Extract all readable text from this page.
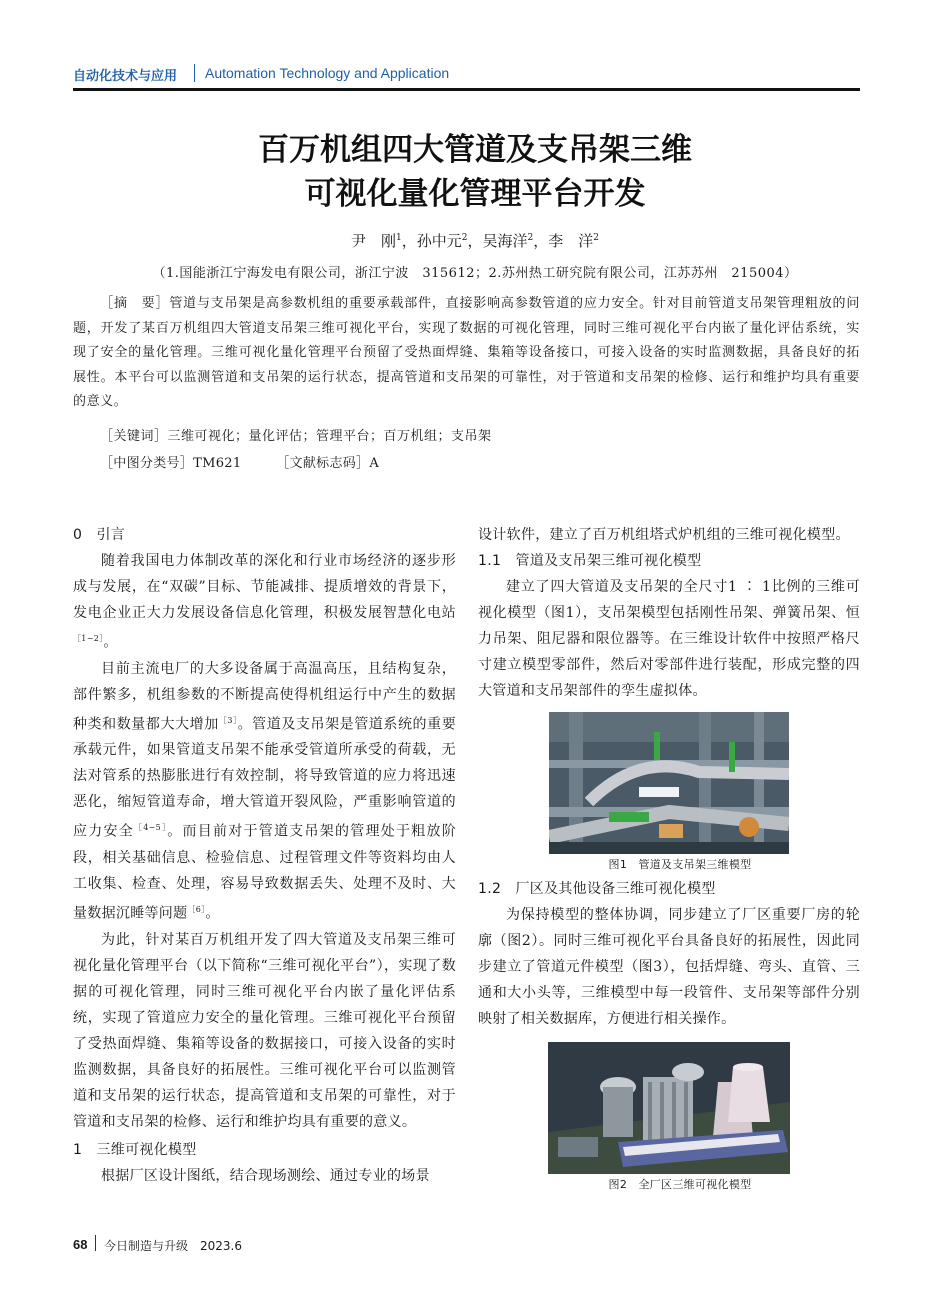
自动化技术与应用 Automation Technology and Application
百万机组四大管道及支吊架三维
可视化量化管理平台开发
尹　刚$^1$，孙中元$^2$，吴海洋$^2$，李　洋$^2$
（1.国能浙江宁海发电有限公司，浙江宁波　315612；2.苏州热工研究院有限公司，江苏苏州　215004）
［摘　要］管道与支吊架是高参数机组的重要承载部件，直接影响高参数管道的应力安全。针对目前管道支吊架管理粗放的问题，开发了某百万机组四大管道支吊架三维可视化平台，实现了数据的可视化管理，同时三维可视化平台内嵌了量化评估系统，实现了安全的量化管理。三维可视化量化管理平台预留了受热面焊缝、集箱等设备接口，可接入设备的实时监测数据，具备良好的拓展性。本平台可以监测管道和支吊架的运行状态，提高管道和支吊架的可靠性，对于管道和支吊架的检修、运行和维护均具有重要的意义。
［关键词］三维可视化；量化评估；管理平台；百万机组；支吊架
［中图分类号］TM621	［文献标志码］A

0　引言

随着我国电力体制改革的深化和行业市场经济的逐步形成与发展，在“双碳”目标、节能减排、提质增效的背景下，发电企业正大力发展设备信息化管理，积极发展智慧化电站$^{[1-2]}$。

目前主流电厂的大多设备属于高温高压，且结构复杂，部件繁多，机组参数的不断提高使得机组运行中产生的数据种类和数量都大大增加$^{[3]}$。管道及支吊架是管道系统的重要承载元件，如果管道支吊架不能承受管道所承受的荷载，无法对管系的热膨胀进行有效控制，将导致管道的应力将迅速恶化，缩短管道寿命，增大管道开裂风险，严重影响管道的应力安全$^{[4-5]}$。而目前对于管道支吊架的管理处于粗放阶段，相关基础信息、检验信息、过程管理文件等资料均由人工收集、检查、处理，容易导致数据丢失、处理不及时、大量数据沉睡等问题$^{[6]}$。

为此，针对某百万机组开发了四大管道及支吊架三维可视化量化管理平台（以下简称“三维可视化平台”），实现了数据的可视化管理，同时三维可视化平台内嵌了量化评估系统，实现了管道应力安全的量化管理。三维可视化平台预留了受热面焊缝、集箱等设备的数据接口，可接入设备的实时监测数据，具备良好的拓展性。三维可视化平台可以监测管道和支吊架的运行状态，提高管道和支吊架的可靠性，对于管道和支吊架的检修、运行和维护均具有重要的意义。

1　三维可视化模型

根据厂区设计图纸，结合现场测绘、通过专业的场景

设计软件，建立了百万机组塔式炉机组的三维可视化模型。

1.1　管道及支吊架三维可视化模型

建立了四大管道及支吊架的全尺寸1 ∶ 1比例的三维可视化模型（图1），支吊架模型包括刚性吊架、弹簧吊架、恒力吊架、阻尼器和限位器等。在三维设计软件中按照严格尺寸建立模型零部件，然后对零部件进行装配，形成完整的四大管道和支吊架部件的孪生虚拟体。

图1　管道及支吊架三维模型

1.2　厂区及其他设备三维可视化模型

为保持模型的整体协调，同步建立了厂区重要厂房的轮廓（图2）。同时三维可视化平台具备良好的拓展性，因此同步建立了管道元件模型（图3），包括焊缝、弯头、直管、三通和大小头等，三维模型中每一段管件、支吊架等部件分别映射了相关数据库，方便进行相关操作。

图2　全厂区三维可视化模型

68 今日制造与升级　2023.6
